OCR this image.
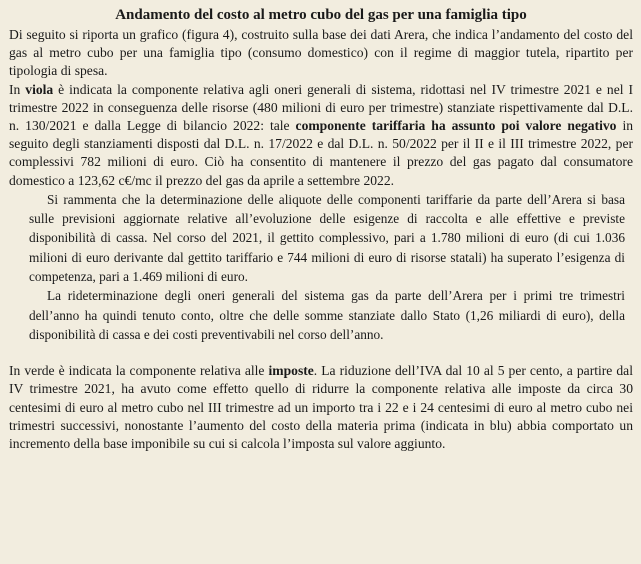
Andamento del costo al metro cubo del gas per una famiglia tipo

Di seguito si riporta un grafico (figura 4), costruito sulla base dei dati Arera, che indica l’andamento del costo del gas al metro cubo per una famiglia tipo (consumo domestico) con il regime di maggior tutela, ripartito per tipologia di spesa.

In viola è indicata la componente relativa agli oneri generali di sistema, ridottasi nel IV trimestre 2021 e nel I trimestre 2022 in conseguenza delle risorse (480 milioni di euro per trimestre) stanziate rispettivamente dal D.L. n. 130/2021 e dalla Legge di bilancio 2022: tale componente tariffaria ha assunto poi valore negativo in seguito degli stanziamenti disposti dal D.L. n. 17/2022 e dal D.L. n. 50/2022 per il II e il III trimestre 2022, per complessivi 782 milioni di euro. Ciò ha consentito di mantenere il prezzo del gas pagato dal consumatore domestico a 123,62 c€/mc il prezzo del gas da aprile a settembre 2022.

Si rammenta che la determinazione delle aliquote delle componenti tariffarie da parte dell’Arera si basa sulle previsioni aggiornate relative all’evoluzione delle esigenze di raccolta e alle effettive e previste disponibilità di cassa. Nel corso del 2021, il gettito complessivo, pari a 1.780 milioni di euro (di cui 1.036 milioni di euro derivante dal gettito tariffario e 744 milioni di euro di risorse statali) ha superato l’esigenza di competenza, pari a 1.469 milioni di euro.

La rideterminazione degli oneri generali del sistema gas da parte dell’Arera per i primi tre trimestri dell’anno ha quindi tenuto conto, oltre che delle somme stanziate dallo Stato (1,26 miliardi di euro), della disponibilità di cassa e dei costi preventivabili nel corso dell’anno.

In verde è indicata la componente relativa alle imposte. La riduzione dell’IVA dal 10 al 5 per cento, a partire dal IV trimestre 2021, ha avuto come effetto quello di ridurre la componente relativa alle imposte da circa 30 centesimi di euro al metro cubo nel III trimestre ad un importo tra i 22 e i 24 centesimi di euro al metro cubo nei trimestri successivi, nonostante l’aumento del costo della materia prima (indicata in blu) abbia comportato un incremento della base imponibile su cui si calcola l’imposta sul valore aggiunto.
